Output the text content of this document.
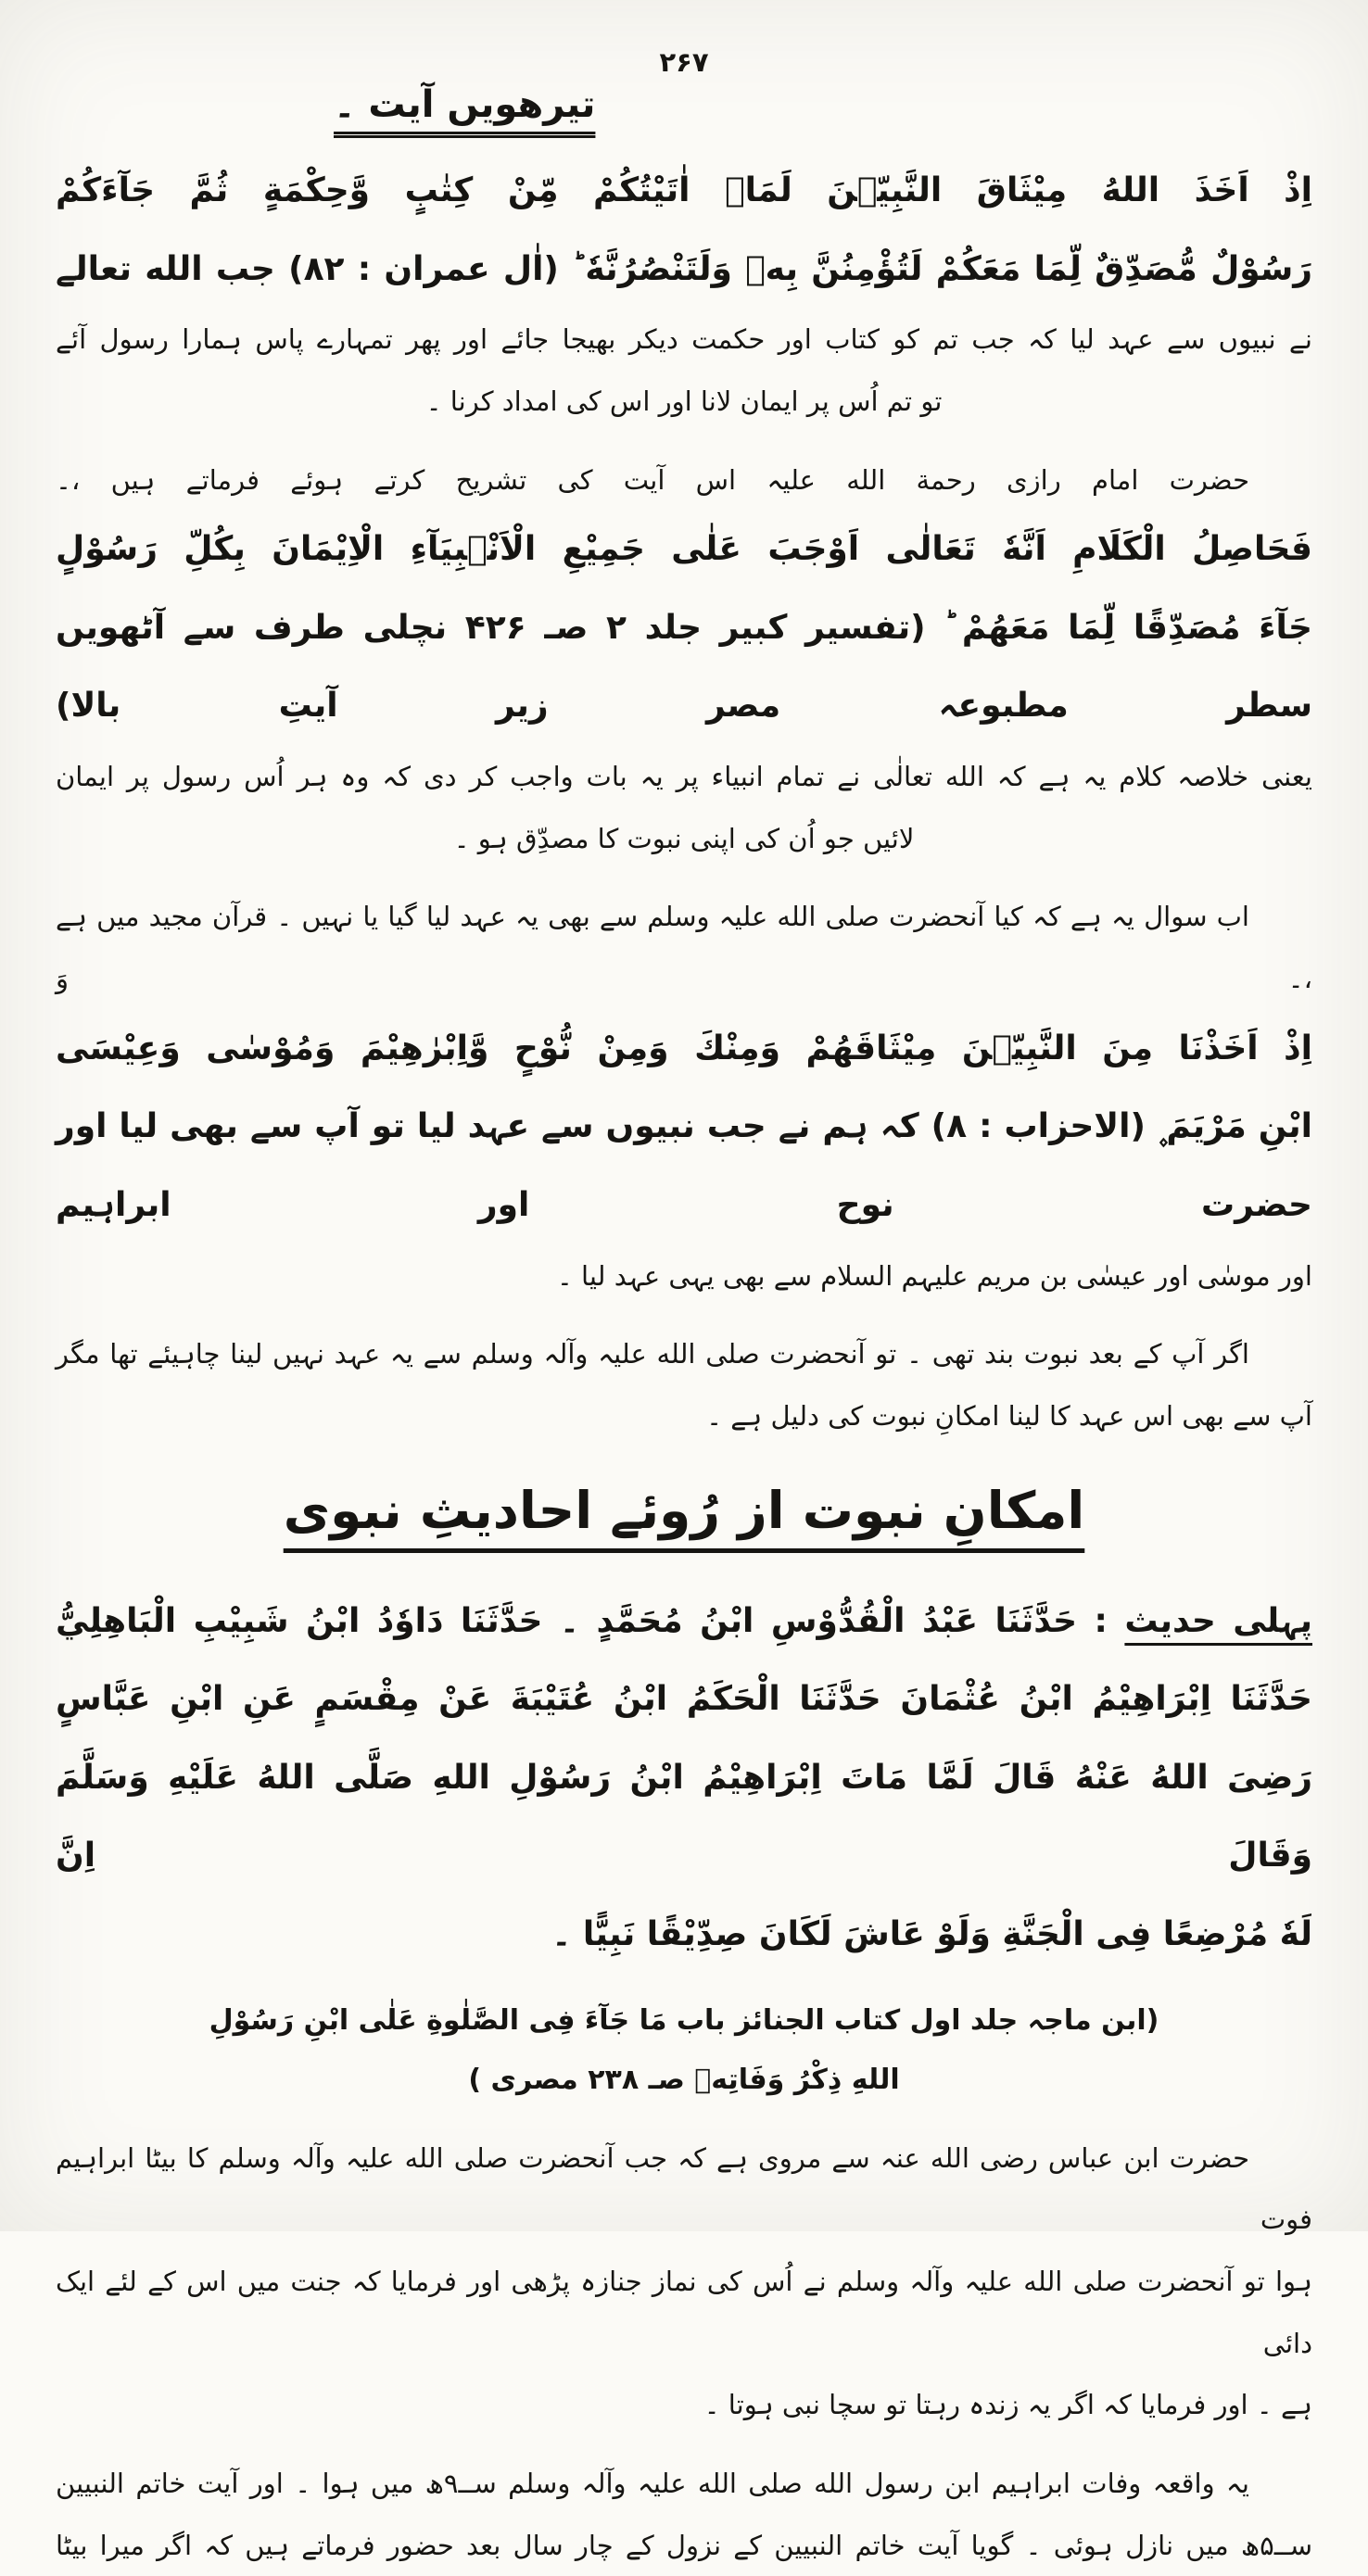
۲۶۷
تیرھویں آیت ۔
اِذْ اَخَذَ اللهُ مِيْثَاقَ النَّبِيّٖنَ لَمَاۤ اٰتَيْتُكُمْ مِّنْ كِتٰبٍ وَّحِكْمَةٍ ثُمَّ جَآءَكُمْ
رَسُوْلٌ مُّصَدِّقٌ لِّمَا مَعَكُمْ لَتُؤْمِنُنَّ بِهٖ وَلَتَنْصُرُنَّهٗ ؕ (اٰل عمران : ۸۲) جب الله تعالے
نے نبیوں سے عہد لیا کہ جب تم کو کتاب اور حکمت دیکر بھیجا جائے اور پھر تمہارے پاس ہمارا رسول آئے
تو تم اُس پر ایمان لانا اور اس کی امداد کرنا ۔
حضرت امام رازی رحمة الله علیہ اس آیت کی تشریح کرتے ہوئے فرماتے ہیں ،۔
فَحَاصِلُ الْكَلَامِ اَنَّهٗ تَعَالٰى اَوْجَبَ عَلٰى جَمِيْعِ الْاَنْۢبِيَآءِ الْاِيْمَانَ بِكُلِّ رَسُوْلٍ
جَآءَ مُصَدِّقًا لِّمَا مَعَهُمْ ؕ (تفسیر کبیر جلد ۲ صـ ۴۲۶ نچلی طرف سے آٹھویں سطر مطبوعہ مصر زیر آیتِ بالا)
یعنی خلاصہ کلام یہ ہے کہ الله تعالٰی نے تمام انبیاء پر یہ بات واجب کر دی کہ وہ ہر اُس رسول پر ایمان
لائیں جو اُن کی اپنی نبوت کا مصدِّق ہو ۔
اب سوال یہ ہے کہ کیا آنحضرت صلی الله علیہ وسلم سے بھی یہ عہد لیا گیا یا نہیں ۔ قرآن مجید میں ہے ،۔ وَ
اِذْ اَخَذْنَا مِنَ النَّبِيّٖنَ مِيْثَاقَهُمْ وَمِنْكَ وَمِنْ نُّوْحٍ وَّاِبْرٰهِيْمَ وَمُوْسٰى وَعِيْسَى
ابْنِ مَرْيَمَ ۪ (الاحزاب : ۸) کہ ہم نے جب نبیوں سے عہد لیا تو آپ سے بھی لیا اور حضرت نوح اور ابراہیم
اور موسٰی اور عیسٰی بن مریم علیہم السلام سے بھی یہی عہد لیا ۔
اگر آپ کے بعد نبوت بند تھی ۔ تو آنحضرت صلی الله علیہ وآلہ وسلم سے یہ عہد نہیں لینا چاہیئے تھا مگر
آپ سے بھی اس عہد کا لینا امکانِ نبوت کی دلیل ہے ۔
امکانِ نبوت از رُوئے احادیثِ نبوی
پہلی حدیث‏ : حَدَّثَنَا عَبْدُ الْقُدُّوْسِ ابْنُ مُحَمَّدٍ ۔ حَدَّثَنَا دَاوٗدُ ابْنُ شَبِيْبِ الْبَاهِلِيُّ
حَدَّثَنَا اِبْرَاهِيْمُ ابْنُ عُثْمَانَ حَدَّثَنَا الْحَكَمُ ابْنُ عُتَيْبَةَ عَنْ مِقْسَمٍ عَنِ ابْنِ عَبَّاسٍ
رَضِىَ اللهُ عَنْهُ قَالَ لَمَّا مَاتَ اِبْرَاهِيْمُ ابْنُ رَسُوْلِ اللهِ صَلَّى اللهُ عَلَيْهِ وَسَلَّمَ وَقَالَ اِنَّ
لَهٗ مُرْضِعًا فِى الْجَنَّةِ وَلَوْ عَاشَ لَكَانَ صِدِّيْقًا نَبِيًّا ۔
(ابن ماجہ جلد اول کتاب الجنائز باب مَا جَآءَ فِی الصَّلٰوةِ عَلٰی ابْنِ رَسُوْلِ
اللهِ ذِكْرُ وَفَاتِهٖ صـ ۲۳۸ مصری )
حضرت ابن عباس رضی الله عنہ سے مروی ہے کہ جب آنحضرت صلی الله علیہ وآلہ وسلم کا بیٹا ابراہیم فوت
ہوا تو آنحضرت صلی الله علیہ وآلہ وسلم نے اُس کی نماز جنازہ پڑھی اور فرمایا کہ جنت میں اس کے لئے ایک دائی
ہے ۔ اور فرمایا کہ اگر یہ زندہ رہتا تو سچا نبی ہوتا ۔
یہ واقعہ وفات ابراہیم ابن رسول الله صلی الله علیہ وآلہ وسلم ســ۹ھ میں ہوا ۔ اور آیت خاتم النبیین
ســ۵ھ میں نازل ہوئی ۔ گویا آیت خاتم النبیین کے نزول کے چار سال بعد حضور فرماتے ہیں کہ اگر میرا بیٹا
